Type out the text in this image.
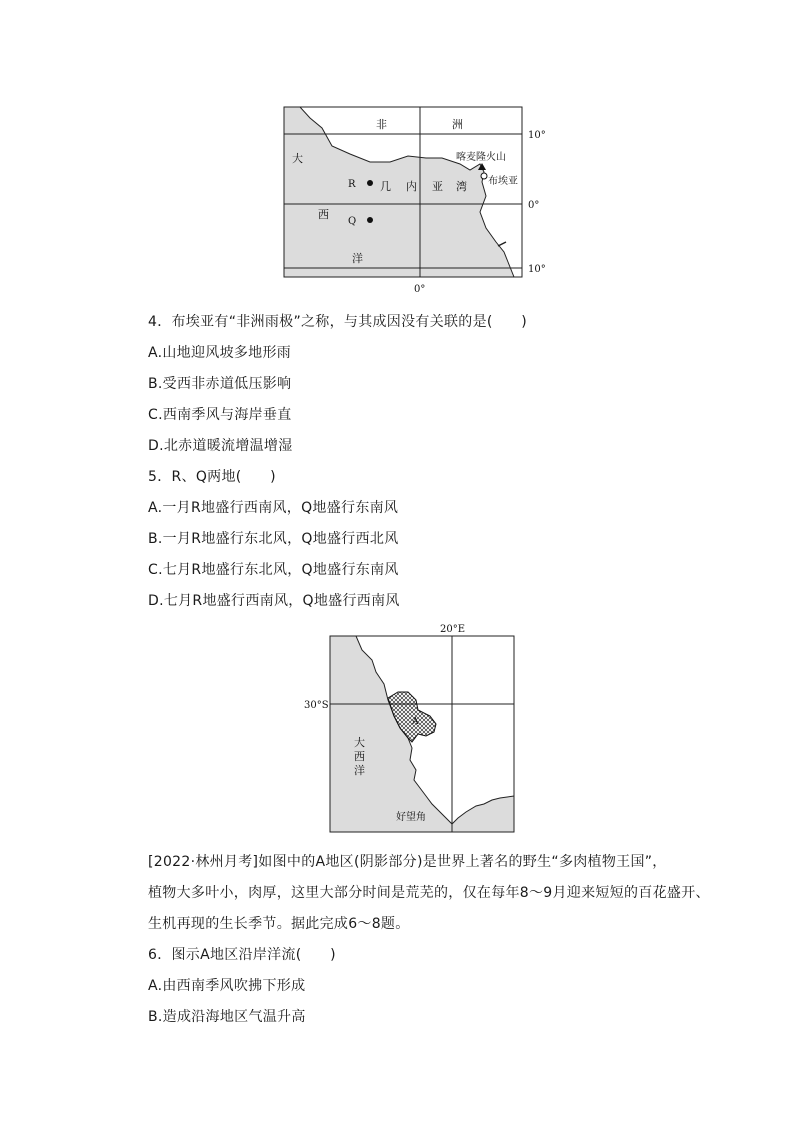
非	洲
大
西
洋
几 内 亚 湾
R
Q
喀麦隆火山
布埃亚
10°
0°
10°
0°
4．布埃亚有“非洲雨极”之称，与其成因没有关联的是(　　)
A.山地迎风坡多地形雨
B.受西非赤道低压影响
C.西南季风与海岸垂直
D.北赤道暖流增温增湿
5．R、Q两地(　　)
A.一月R地盛行西南风，Q地盛行东南风
B.一月R地盛行东北风，Q地盛行西北风
C.七月R地盛行东北风，Q地盛行东南风
D.七月R地盛行西南风，Q地盛行西南风
20°E
30°S
A
大
西
洋
好望角
[2022·林州月考]如图中的A地区(阴影部分)是世界上著名的野生“多肉植物王国”，
植物大多叶小，肉厚，这里大部分时间是荒芜的，仅在每年8～9月迎来短短的百花盛开、
生机再现的生长季节。据此完成6～8题。
6．图示A地区沿岸洋流(　　)
A.由西南季风吹拂下形成
B.造成沿海地区气温升高
